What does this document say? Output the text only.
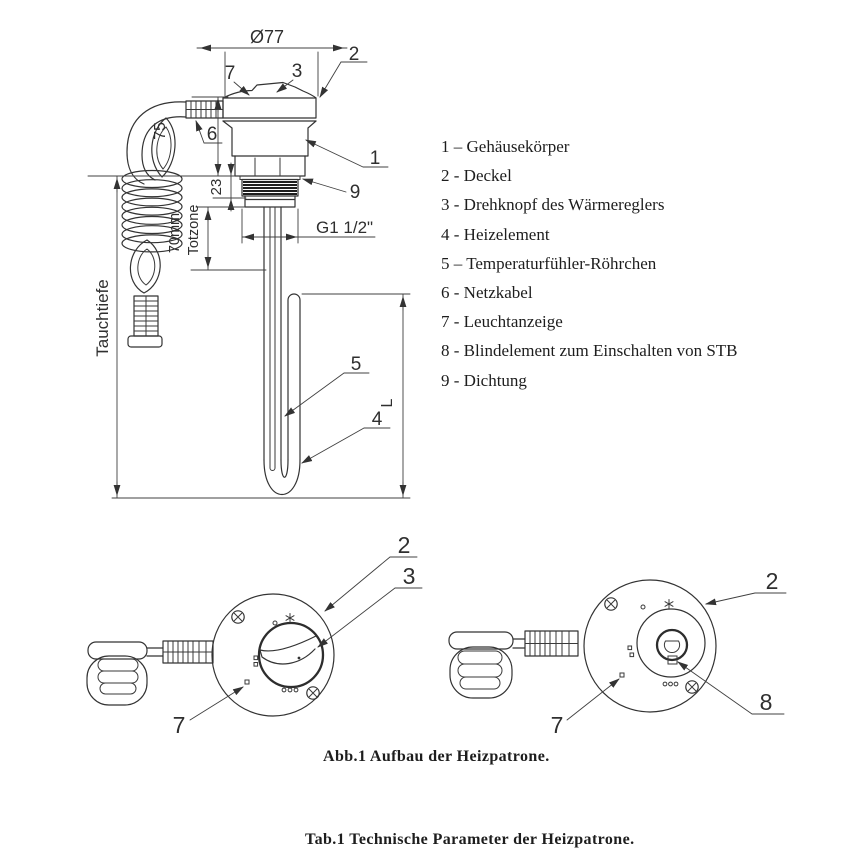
Ø77
75
23
G1 1/2"
70mm Totzone
Tauchtiefe
L
7	3
2
6
1
9
5
4
1 – Gehäusekörper
2 - Deckel
3 - Drehknopf des Wärmereglers
4 - Heizelement
5 – Temperaturfühler-Röhrchen
6 - Netzkabel
7 - Leuchtanzeige
8 - Blindelement zum Einschalten von STB
9 - Dichtung
2
3
7
2
8
7
Abb.1 Aufbau der Heizpatrone.
Tab.1 Technische Parameter der Heizpatrone.
